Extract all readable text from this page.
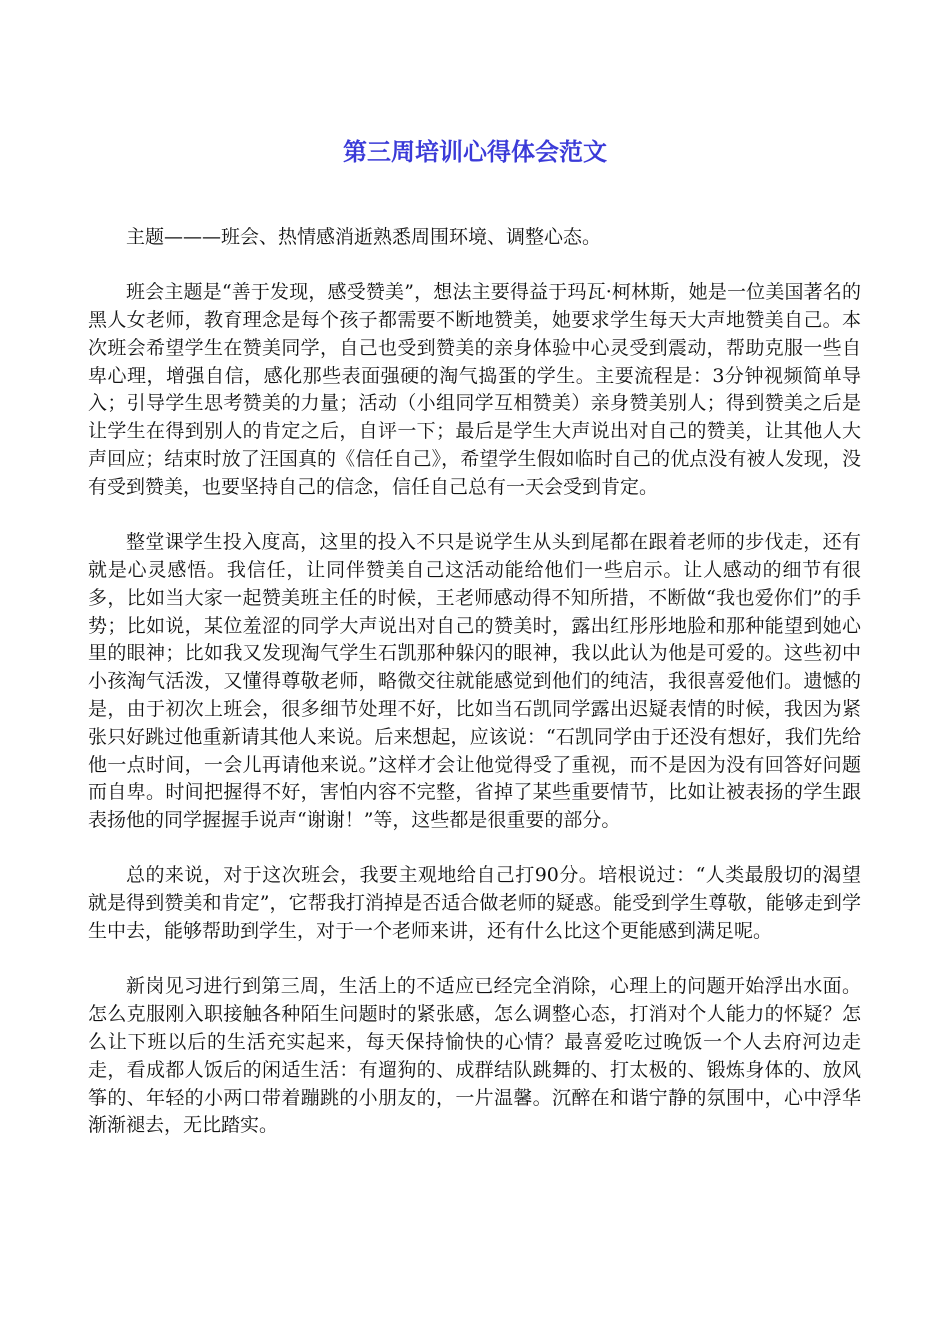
第三周培训心得体会范文

主题———班会、热情感消逝熟悉周围环境、调整心态。

班会主题是“善于发现，感受赞美”，想法主要得益于玛瓦·柯林斯，她是一位美国著名的黑人女老师，教育理念是每个孩子都需要不断地赞美，她要求学生每天大声地赞美自己。本次班会希望学生在赞美同学，自己也受到赞美的亲身体验中心灵受到震动，帮助克服一些自卑心理，增强自信，感化那些表面强硬的淘气捣蛋的学生。主要流程是：3分钟视频简单导入；引导学生思考赞美的力量；活动（小组同学互相赞美）亲身赞美别人；得到赞美之后是让学生在得到别人的肯定之后，自评一下；最后是学生大声说出对自己的赞美，让其他人大声回应；结束时放了汪国真的《信任自己》，希望学生假如临时自己的优点没有被人发现，没有受到赞美，也要坚持自己的信念，信任自己总有一天会受到肯定。

整堂课学生投入度高，这里的投入不只是说学生从头到尾都在跟着老师的步伐走，还有就是心灵感悟。我信任，让同伴赞美自己这活动能给他们一些启示。让人感动的细节有很多，比如当大家一起赞美班主任的时候，王老师感动得不知所措，不断做“我也爱你们”的手势；比如说，某位羞涩的同学大声说出对自己的赞美时，露出红彤彤地脸和那种能望到她心里的眼神；比如我又发现淘气学生石凯那种躲闪的眼神，我以此认为他是可爱的。这些初中小孩淘气活泼，又懂得尊敬老师，略微交往就能感觉到他们的纯洁，我很喜爱他们。遗憾的是，由于初次上班会，很多细节处理不好，比如当石凯同学露出迟疑表情的时候，我因为紧张只好跳过他重新请其他人来说。后来想起，应该说：“石凯同学由于还没有想好，我们先给他一点时间，一会儿再请他来说。”这样才会让他觉得受了重视，而不是因为没有回答好问题而自卑。时间把握得不好，害怕内容不完整，省掉了某些重要情节，比如让被表扬的学生跟表扬他的同学握握手说声“谢谢！”等，这些都是很重要的部分。

总的来说，对于这次班会，我要主观地给自己打90分。培根说过：“人类最殷切的渴望就是得到赞美和肯定”，它帮我打消掉是否适合做老师的疑惑。能受到学生尊敬，能够走到学生中去，能够帮助到学生，对于一个老师来讲，还有什么比这个更能感到满足呢。

新岗见习进行到第三周，生活上的不适应已经完全消除，心理上的问题开始浮出水面。怎么克服刚入职接触各种陌生问题时的紧张感，怎么调整心态，打消对个人能力的怀疑？怎么让下班以后的生活充实起来，每天保持愉快的心情？最喜爱吃过晚饭一个人去府河边走走，看成都人饭后的闲适生活：有遛狗的、成群结队跳舞的、打太极的、锻炼身体的、放风筝的、年轻的小两口带着蹦跳的小朋友的，一片温馨。沉醉在和谐宁静的氛围中，心中浮华渐渐褪去，无比踏实。
